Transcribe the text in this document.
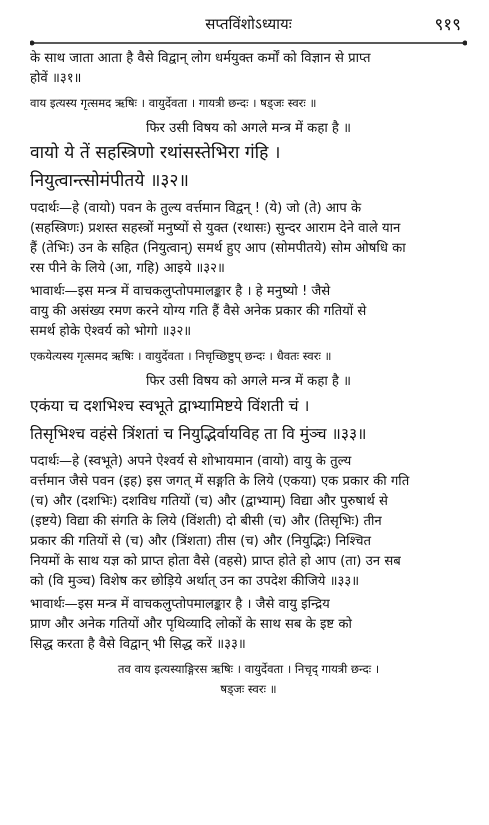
सप्तविंशोऽध्यायः	९१९

के साथ जाता आता है वैसे विद्वान् लोग धर्मयुक्त कर्मों को विज्ञान से प्राप्त

होवें ॥३१॥

वाय इत्यस्य गृत्समद ऋषिः । वायुर्देवता । गायत्री छन्दः । षड्जः स्वरः ॥

फिर उसी विषय को अगले मन्त्र में कहा है ॥

वायो ये तें सहस्त्रिणो रथांसस्तेभिरा गंहि ।

नियुत्वान्त्सोमंपीतये ॥३२॥

पदार्थः—हे (वायो) पवन के तुल्य वर्त्तमान विद्वन् ! (ये) जो (ते) आप के

(सहस्त्रिणः) प्रशस्त सहस्त्रों मनुष्यों से युक्त (रथासः) सुन्दर आराम देने वाले यान

हैं (तेभिः) उन के सहित (नियुत्वान्) समर्थ हुए आप (सोमपीतये) सोम ओषधि का

रस पीने के लिये (आ, गहि) आइये ॥३२॥

भावार्थः—इस मन्त्र में वाचकलुप्तोपमालङ्कार है । हे मनुष्यो ! जैसे

वायु की असंख्य रमण करने योग्य गति हैं वैसे अनेक प्रकार की गतियों से

समर्थ होके ऐश्वर्य को भोगो ॥३२॥

एकयेत्यस्य गृत्समद ऋषिः । वायुर्देवता । निचृच्छिष्टुप् छन्दः । धैवतः स्वरः ॥

फिर उसी विषय को अगले मन्त्र में कहा है ॥

एकंया च दशभिश्च स्वभूते द्वाभ्यामिष्टये विंशती चं ।

तिसृभिश्च वहंसे त्रिंशतां च नियुद्भिर्वायविह ता वि मुंञ्च ॥३३॥

पदार्थः—हे (स्वभूते) अपने ऐश्वर्य से शोभायमान (वायो) वायु के तुल्य

वर्त्तमान जैसे पवन (इह) इस जगत् में सङ्गति के लिये (एकया) एक प्रकार की गति

(च) और (दशभिः) दशविध गतियों (च) और (द्वाभ्याम्) विद्या और पुरुषार्थ से

(इष्टये) विद्या की संगति के लिये (विंशती) दो बीसी (च) और (तिसृभिः) तीन

प्रकार की गतियों से (च) और (त्रिंशता) तीस (च) और (नियुद्भिः) निश्चित

नियमों के साथ यज्ञ को प्राप्त होता वैसे (वहसे) प्राप्त होते हो आप (ता) उन सब

को (वि मुञ्च) विशेष कर छोड़िये अर्थात् उन का उपदेश कीजिये ॥३३॥

भावार्थः—इस मन्त्र में वाचकलुप्तोपमालङ्कार है । जैसे वायु इन्द्रिय

प्राण और अनेक गतियों और पृथिव्यादि लोकों के साथ सब के इष्ट को

सिद्ध करता है वैसे विद्वान् भी सिद्ध करें ॥३३॥

तव वाय इत्यस्याङ्गिरस ऋषिः । वायुर्देवता । निचृद् गायत्री छन्दः ।

षड्जः स्वरः ॥
